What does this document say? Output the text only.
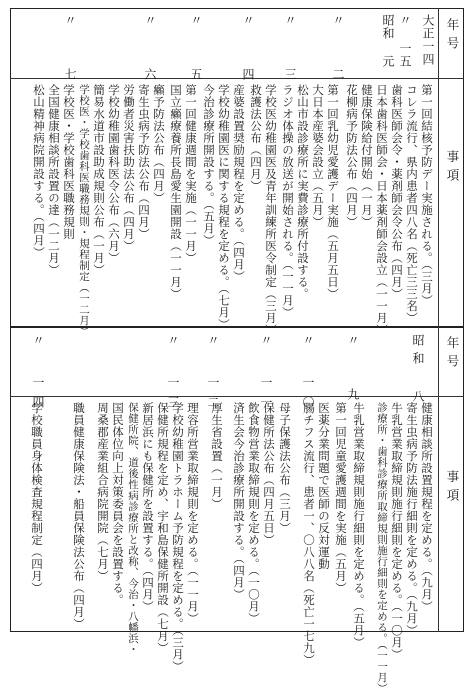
年号
事項
年号
事項
大正一四
〃 一五
昭和 元
〃 二
〃 三
〃 四
〃 五
〃 六
〃 七
第一回結核予防デー実施される。（三月）
コレラ流行、県内患者四八名（死亡三三名）
歯科医師会令・薬剤師会令公布（四月）
日本歯科医師会・日本薬剤師会設立（一一月）
健康保険給付開始（一月）
花柳病予防法公布（四月）
第一回乳幼児愛護デー実施（五月五日）
大日本産婆会設立（五月）
松山市設診療所に実費診療所付設する。
ラジオ体操の放送が開始される。（一一月）
学校医幼稚園医及青年訓練所医令制定（三月）
救護法公布（四月）
産婆設置奨励規程を定める。（四月）
学校幼稚園医に関する規程を定める。（七月）
今治診療所開設する。（五月）
第一回健康週間を実施（一一月）
国立癩療養所長島愛生園開設（一一月）
癩予防法公布（四月）
寄生虫病予防法公布（四月）
労働者災害扶助法公布（四月）
学校幼稚園歯科医令公布（六月）
簡易水道市設助成規則公布（一月）
学校医・学校歯科医職務規則・規程制定（一二月）
学校医・学校歯科医職務規則
全国健康相談所設置の達（一二月）
松山精神病院開設する。（四月）
昭和 八
〃 九
〃 一〇
〃 一一
〃 一二
〃 一三
〃 一四
健康相談所設置規程を定める。（九月）
寄生虫病予防法施行細則を定める。（九月）
牛乳営業取締規則施行細則を定める。（一〇月）
診療所・歯科診療所取締規則施行細則を定める。（一一月）
牛乳営業取締規則施行細則を定める。（五月）
第一回児童愛護週間を実施（五月）
医薬分業問題で医師の反対運動
腸チフス流行、患者一、〇八八名（死亡一七九）
母子保護法公布（三月）
保健所法公布（四月五日）
飲食物営業取締規則を定める。（一〇月）
済生会今治診療所開設する。（四月）
厚生省設置（一月）
理容所営業取締規則を定める。（一一月）
学校幼稚園トラホーム予防規程を定める。（三月）
保健所規程を定め、宇和島保健所開設（七月）
新居浜にも保健所を設置する。（四月）
保健所院、道後性病診療所と改称、今治・八幡浜・
国民体位向上対策委員会を設置する。
周桑郡産業組合病院開院（七月）
職員健康保険法・船員保険法公布（四月）
学校職員身体検査規程制定（四月）
